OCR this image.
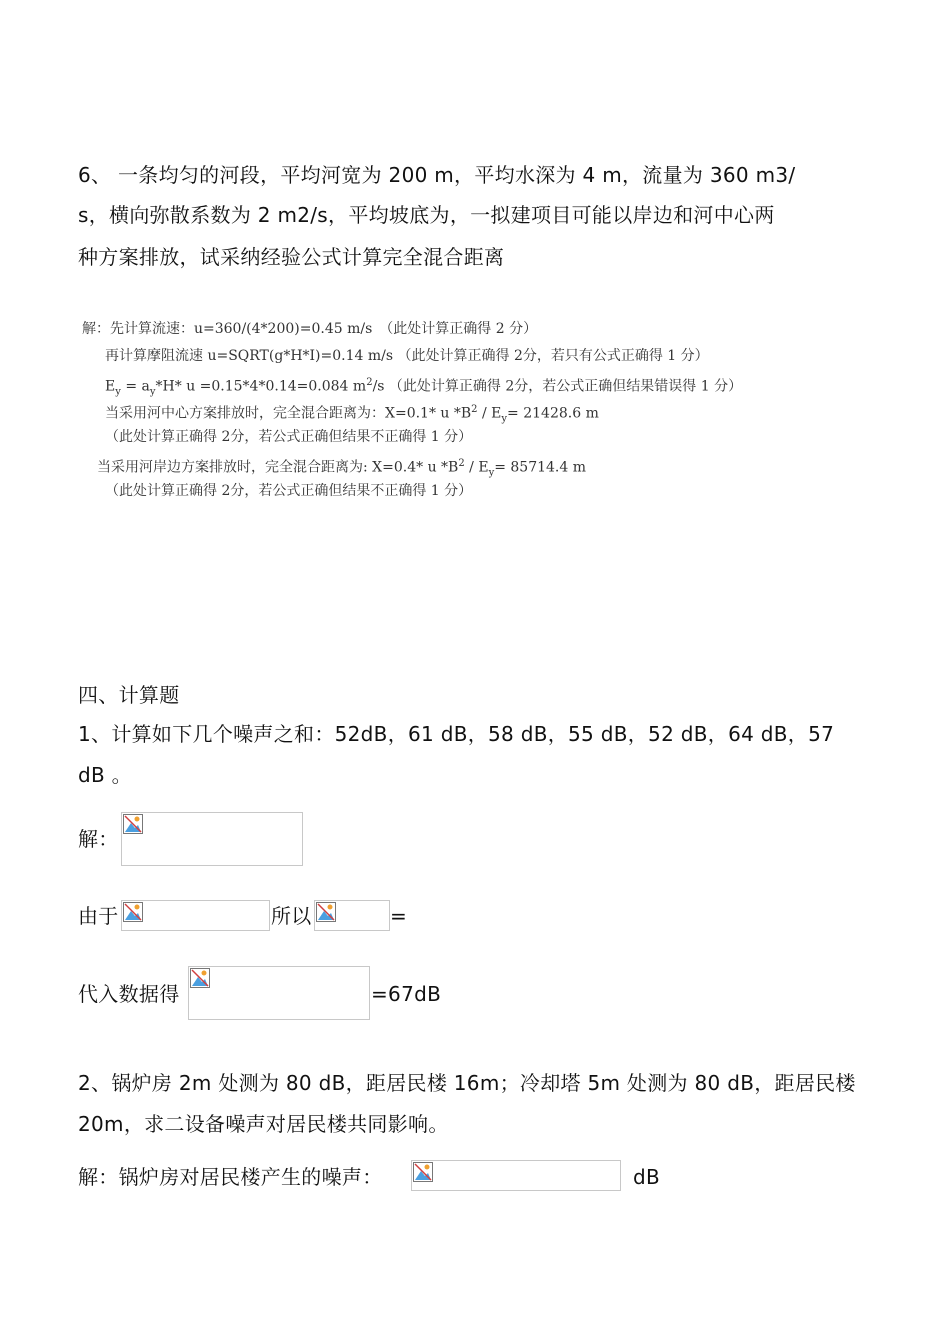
6、 一条均匀的河段，平均河宽为 200 m，平均水深为 4 m，流量为 360 m3/
s，横向弥散系数为 2 m2/s，平均坡底为，一拟建项目可能以岸边和河中心两
种方案排放，试采纳经验公式计算完全混合距离
解：先计算流速：u=360/(4*200)=0.45 m/s　（此处计算正确得 2 分）
再计算摩阻流速 u=SQRT(g*H*I)=0.14 m/s （此处计算正确得 2分，若只有公式正确得 1 分）
$E_y = a_y*H*$ u =0.15*4*0.14=0.084 $m^2/s$ （此处计算正确得 2分，若公式正确但结果错误得 1 分）
当采用河中心方案排放时，完全混合距离为：X=0.1* u $*B^2 / E_y= 21428.6$ m
（此处计算正确得 2分，若公式正确但结果不正确得 1 分）
当采用河岸边方案排放时，完全混合距离为: X=0.4* u $*B^2 / E_y= 85714.4$ m
（此处计算正确得 2分，若公式正确但结果不正确得 1 分）
四、计算题
1、计算如下几个噪声之和：52dB，61 dB，58 dB，55 dB，52 dB，64 dB，57
dB 。
解：
由于	所以	=
代入数据得	=67dB
2、锅炉房 2m 处测为 80 dB，距居民楼 16m；冷却塔 5m 处测为 80 dB，距居民楼
20m，求二设备噪声对居民楼共同影响。
解：锅炉房对居民楼产生的噪声：	dB
